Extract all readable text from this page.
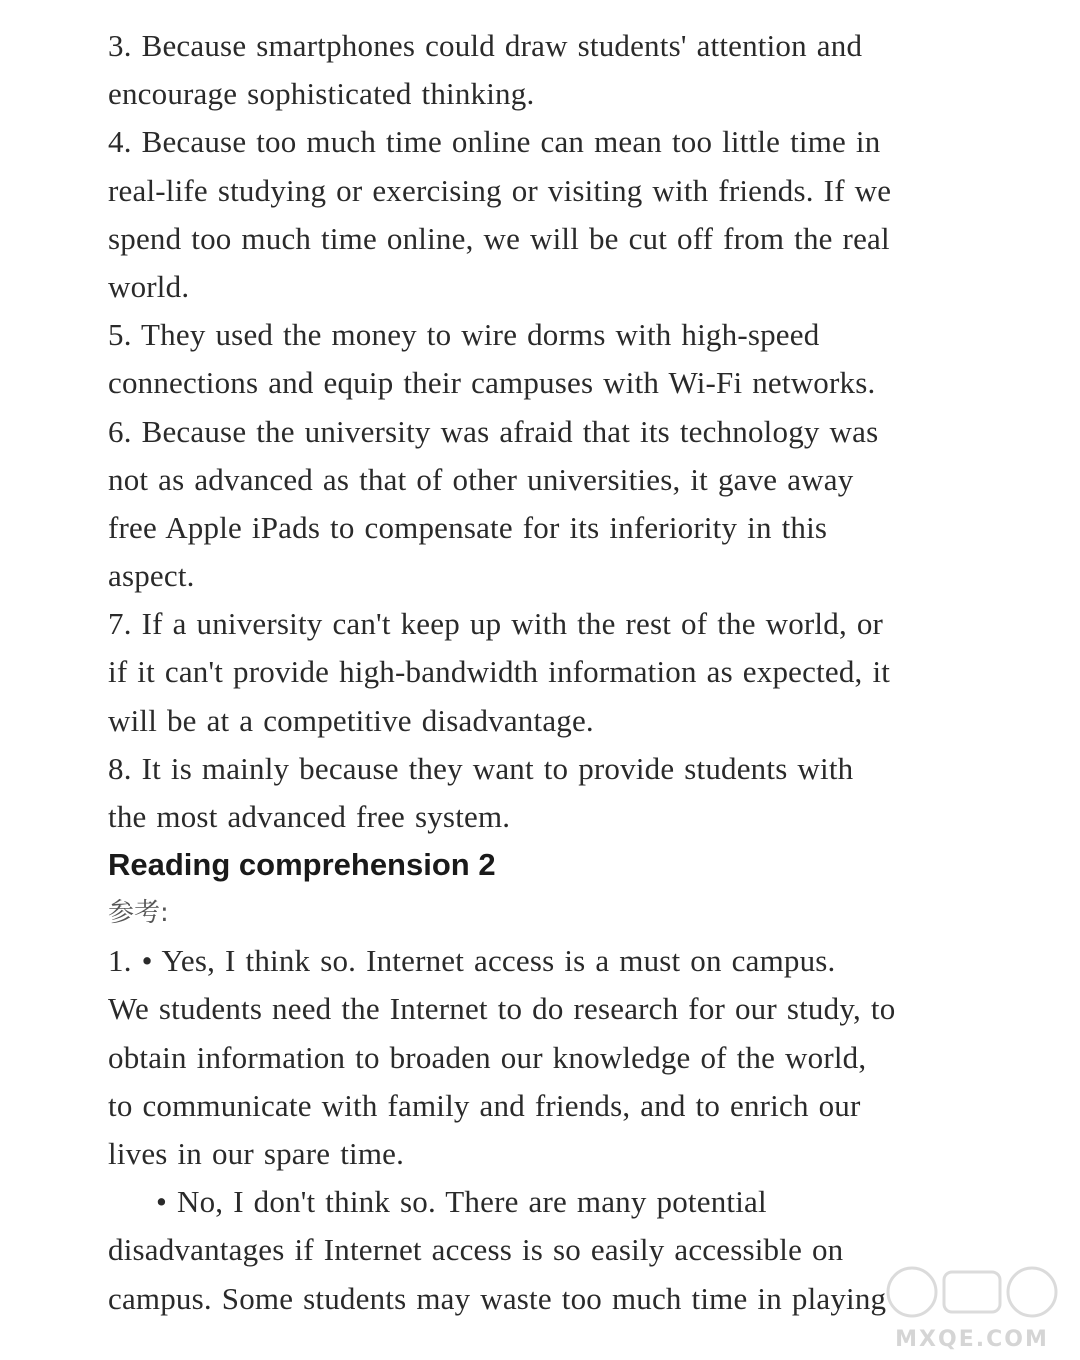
3. Because smartphones could draw students' attention and
encourage sophisticated thinking.
4. Because too much time online can mean too little time in
real-life studying or exercising or visiting with friends. If we
spend too much time online, we will be cut off from the real
world.
5. They used the money to wire dorms with high-speed
connections and equip their campuses with Wi-Fi networks.
6. Because the university was afraid that its technology was
not as advanced as that of other universities, it gave away
free Apple iPads to compensate for its inferiority in this
aspect.
7. If a university can't keep up with the rest of the world, or
if it can't provide high-bandwidth information as expected, it
will be at a competitive disadvantage.
8. It is mainly because they want to provide students with
the most advanced free system.
Reading comprehension 2
参考:
1. • Yes, I think so. Internet access is a must on campus.
We students need the Internet to do research for our study, to
obtain information to broaden our knowledge of the world,
to communicate with family and friends, and to enrich our
lives in our spare time.
• No, I don't think so. There are many potential
disadvantages if Internet access is so easily accessible on
campus. Some students may waste too much time in playing
MXQE.COM
